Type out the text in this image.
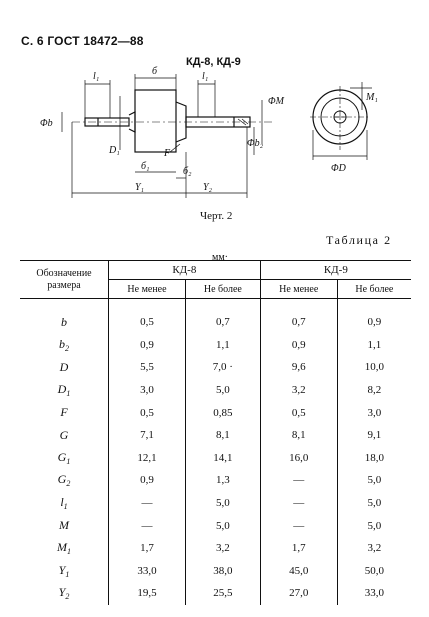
С. 6 ГОСТ 18472—88
КД-8, КД-9
l₁	б	l₁
ΦM
Φb
D₁	F
б₁	б₂
Y₁	Y₂
Φb₂
M₁
ΦD
Черт. 2
Таблица 2
мм·
Обозначение размера	КД-8		КД-9	
	Не менее	Не более	Не менее	Не более
b	0,5	0,7	0,7	0,9
$b_2$	0,9	1,1	0,9	1,1
D	5,5	7,0 ·	9,6	10,0
$D_1$	3,0	5,0	3,2	8,2
F	0,5	0,85	0,5	3,0
G	7,1	8,1	8,1	9,1
$G_1$	12,1	14,1	16,0	18,0
$G_2$	0,9	1,3	—	5,0
$l_1$	—	5,0	—	5,0
M	—	5,0	—	5,0
$M_1$	1,7	3,2	1,7	3,2
$Y_1$	33,0	38,0	45,0	50,0
$Y_2$	19,5	25,5	27,0	33,0
